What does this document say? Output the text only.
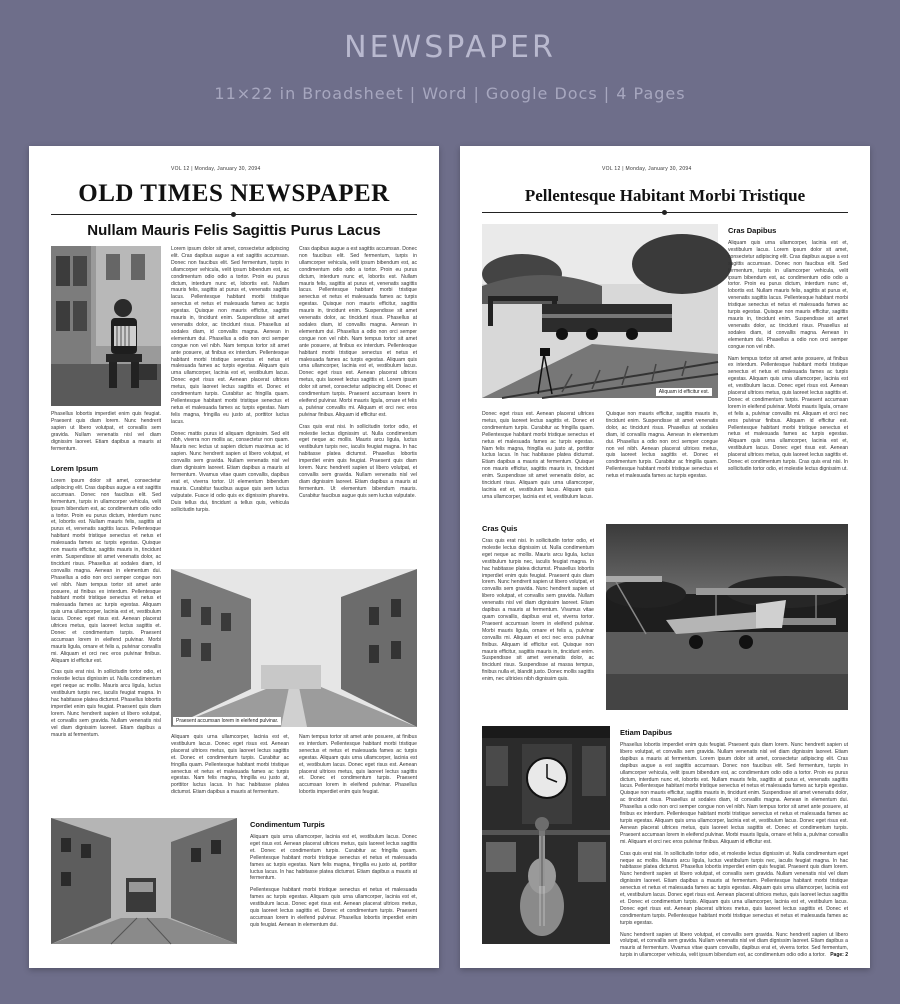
NEWSPAPER
11×22 in Broadsheet | Word | Google Docs | 4 Pages
VOL 12 | Monday, January 30, 2094
OLD TIMES NEWSPAPER
Nullam Mauris Felis Sagittis Purus Lacus

Phasellus lobortis imperdiet enim quis feugiat. Praesent quis diam lorem. Nunc hendrerit sapien ut libero volutpat, et convallis sem gravida. Nullam venenatis nisl vel diam dignissim laoreet. Etiam dapibus a mauris at fermentum.

Lorem Ipsum

Lorem ipsum dolor sit amet, consectetur adipiscing elit. Cras dapibus augue a est sagittis accumsan. Donec non faucibus elit. Sed fermentum, turpis in ullamcorper vehicula, velit ipsum bibendum est, ac condimentum odio odio a tortor. Proin eu purus dictum, interdum nunc et, lobortis est. Nullam mauris felis, sagittis at purus et, venenatis sagittis lacus. Pellentesque habitant morbi tristique senectus et netus et malesuada fames ac turpis egestas. Quisque non mauris efficitur, sagittis mauris in, tincidunt enim. Suspendisse sit amet venenatis dolor, ac tincidunt risus. Phasellus at sodales diam, id convallis magna. Aenean in elementum dui. Phasellus a odio non orci semper congue non vel nibh. Nam tempus tortor sit amet ante posuere, at finibus ex interdum. Pellentesque habitant morbi tristique senectus et netus et malesuada fames ac turpis egestas. Aliquam quis urna ullamcorper, lacinia est et, vestibulum lacus. Donec eget risus est. Aenean placerat ultrices metus, quis laoreet lectus sagittis et. Donec et condimentum turpis. Praesent accumsan lorem in eleifend pulvinar. Morbi mauris ligula, ornare et felis a, pulvinar convallis mi. Aliquam et orci nec eros pulvinar finibus. Aliquam id efficitur est.

Cras quis erat nisi. In sollicitudin tortor odio, et molestie lectus dignissim ut. Nulla condimentum eget neque ac mollis. Mauris arcu ligula, luctus vestibulum turpis nec, iaculis feugiat magna. In hac habitasse platea dictumst. Phasellus lobortis imperdiet enim quis feugiat. Praesent quis diam lorem. Nunc hendrerit sapien ut libero volutpat, et convallis sem gravida. Nullam venenatis nisl vel diam dignissim laoreet. Etiam dapibus a mauris at fermentum.

Lorem ipsum dolor sit amet, consectetur adipiscing elit. Cras dapibus augue a est sagittis accumsan. Donec non faucibus elit. Sed fermentum, turpis in ullamcorper vehicula, velit ipsum bibendum est, ac condimentum odio odio a tortor. Proin eu purus dictum, interdum nunc et, lobortis est. Nullam mauris felis, sagittis at purus et, venenatis sagittis lacus. Pellentesque habitant morbi tristique senectus et netus et malesuada fames ac turpis egestas. Quisque non mauris efficitur, sagittis mauris in, tincidunt enim. Suspendisse sit amet venenatis dolor, ac tincidunt risus. Phasellus at sodales diam, id convallis magna. Aenean in elementum dui. Phasellus a odio non orci semper congue non vel nibh. Nam tempus tortor sit amet ante posuere, at finibus ex interdum. Pellentesque habitant morbi tristique senectus et netus et malesuada fames ac turpis egestas. Aliquam quis urna ullamcorper, lacinia est et, vestibulum lacus. Donec eget risus est. Aenean placerat ultrices metus, quis laoreet lectus sagittis et. Donec et condimentum turpis. Curabitur ac fringilla quam. Pellentesque habitant morbi tristique senectus et netus et malesuada fames ac turpis egestas. Nam felis magna, fringilla eu justo at, porttitor luctus lacus.

Donec mattis purus id aliquam dignissim. Sed elit nibh, viverra non mollis ac, consectetur non quam. Mauris nec lectus ut sapien dictum maximus ac id sapien. Nunc hendrerit sapien ut libero volutpat, et convallis sem gravida. Nullam venenatis nisl vel diam dignissim laoreet. Etiam dapibus a mauris at fermentum. Vivamus vitae quam convallis, dapibus erat et, viverra tortor. Ut elementum bibendum mauris. Curabitur faucibus augue quis sem luctus vulputate. Fusce id odio quis ex dignissim pharetra. Duis tellus dui, tincidunt a tellus quis, vehicula sollicitudin turpis.

Cras dapibus augue a est sagittis accumsan. Donec non faucibus elit. Sed fermentum, turpis in ullamcorper vehicula, velit ipsum bibendum est, ac condimentum odio odio a tortor. Proin eu purus dictum, interdum nunc et, lobortis est. Nullam mauris felis, sagittis at purus et, venenatis sagittis lacus. Pellentesque habitant morbi tristique senectus et netus et malesuada fames ac turpis egestas. Quisque non mauris efficitur, sagittis mauris in, tincidunt enim. Suspendisse sit amet venenatis dolor, ac tincidunt risus. Phasellus at sodales diam, id convallis magna. Aenean in elementum dui. Phasellus a odio non orci semper congue non vel nibh. Nam tempus tortor sit amet ante posuere, at finibus ex interdum. Pellentesque habitant morbi tristique senectus et netus et malesuada fames ac turpis egestas. Aliquam quis urna ullamcorper, lacinia est et, vestibulum lacus. Donec eget risus est. Aenean placerat ultrices metus, quis laoreet lectus sagittis et. Lorem ipsum dolor sit amet, consectetur adipiscing elit. Donec et condimentum turpis. Praesent accumsan lorem in eleifend pulvinar. Morbi mauris ligula, ornare et felis a, pulvinar convallis mi. Aliquam et orci nec eros pulvinar finibus. Aliquam id efficitur est.

Cras quis erat nisi. In sollicitudin tortor odio, et molestie lectus dignissim ut. Nulla condimentum eget neque ac mollis. Mauris arcu ligula, luctus vestibulum turpis nec, iaculis feugiat magna. In hac habitasse platea dictumst. Phasellus lobortis imperdiet enim quis feugiat. Praesent quis diam lorem. Nunc hendrerit sapien ut libero volutpat, et convallis sem gravida. Nullam venenatis nisl vel diam dignissim laoreet. Etiam dapibus a mauris at fermentum. Ut elementum bibendum mauris. Curabitur faucibus augue quis sem luctus vulputate.

Praesent accumsan lorem in eleifend pulvinar.

Aliquam quis urna ullamcorper, lacinia est et, vestibulum lacus. Donec eget risus est. Aenean placerat ultrices metus, quis laoreet lectus sagittis et. Donec et condimentum turpis. Curabitur ac fringilla quam. Pellentesque habitant morbi tristique senectus et netus et malesuada fames ac turpis egestas. Nam felis magna, fringilla eu justo at, porttitor luctus lacus. In hac habitasse platea dictumst. Etiam dapibus a mauris at fermentum.

Nam tempus tortor sit amet ante posuere, at finibus ex interdum. Pellentesque habitant morbi tristique senectus et netus et malesuada fames ac turpis egestas. Aliquam quis urna ullamcorper, lacinia est et, vestibulum lacus. Donec eget risus est. Aenean placerat ultrices metus, quis laoreet lectus sagittis et. Donec et condimentum turpis. Praesent accumsan lorem in eleifend pulvinar. Phasellus lobortis imperdiet enim quis feugiat.

Condimentum Turpis

Aliquam quis urna ullamcorper, lacinia est et, vestibulum lacus. Donec eget risus est. Aenean placerat ultrices metus, quis laoreet lectus sagittis et. Donec et condimentum turpis. Curabitur ac fringilla quam. Pellentesque habitant morbi tristique senectus et netus et malesuada fames ac turpis egestas. Nam felis magna, fringilla eu justo at, porttitor luctus lacus. In hac habitasse platea dictumst. Etiam dapibus a mauris at fermentum.

Pellentesque habitant morbi tristique senectus et netus et malesuada fames ac turpis egestas. Aliquam quis urna ullamcorper, lacinia est et, vestibulum lacus. Donec eget risus est. Aenean placerat ultrices metus, quis laoreet lectus sagittis et. Donec et condimentum turpis. Praesent accumsan lorem in eleifend pulvinar. Phasellus lobortis imperdiet enim quis feugiat. Aenean in elementum dui.

VOL 12 | Monday, January 30, 2094
Pellentesque Habitant Morbi Tristique
Aliquam id efficitur est.
Cras Dapibus

Aliquam quis urna ullamcorper, lacinia est et, vestibulum lacus. Lorem ipsum dolor sit amet, consectetur adipiscing elit. Cras dapibus augue a est sagittis accumsan. Donec non faucibus elit. Sed fermentum, turpis in ullamcorper vehicula, velit ipsum bibendum est, ac condimentum odio odio a tortor. Proin eu purus dictum, interdum nunc et, lobortis est. Nullam mauris felis, sagittis at purus et, venenatis sagittis lacus. Pellentesque habitant morbi tristique senectus et netus et malesuada fames ac turpis egestas. Quisque non mauris efficitur, sagittis mauris in, tincidunt enim. Suspendisse sit amet venenatis dolor, ac tincidunt risus. Phasellus at sodales diam, id convallis magna. Aenean in elementum dui. Phasellus a odio non orci semper congue non vel nibh.

Nam tempus tortor sit amet ante posuere, at finibus ex interdum. Pellentesque habitant morbi tristique senectus et netus et malesuada fames ac turpis egestas. Aliquam quis urna ullamcorper, lacinia est et, vestibulum lacus. Donec eget risus est. Aenean placerat ultrices metus, quis laoreet lectus sagittis et. Donec et condimentum turpis. Praesent accumsan lorem in eleifend pulvinar. Morbi mauris ligula, ornare et felis a, pulvinar convallis mi. Aliquam et orci nec eros pulvinar finibus. Aliquam id efficitur est. Pellentesque habitant morbi tristique senectus et netus et malesuada fames ac turpis egestas. Aliquam quis urna ullamcorper, lacinia est et, vestibulum lacus. Donec eget risus est. Aenean placerat ultrices metus, quis laoreet lectus sagittis et. Donec et condimentum turpis. Cras quis erat nisi. In sollicitudin tortor odio, et molestie lectus dignissim ut.

Donec eget risus est. Aenean placerat ultrices metus, quis laoreet lectus sagittis et. Donec et condimentum turpis. Curabitur ac fringilla quam. Pellentesque habitant morbi tristique senectus et netus et malesuada fames ac turpis egestas. Nam felis magna, fringilla eu justo at, porttitor luctus lacus. In hac habitasse platea dictumst. Etiam dapibus a mauris at fermentum. Quisque non mauris efficitur, sagittis mauris in, tincidunt enim. Suspendisse sit amet venenatis dolor, ac tincidunt risus. Aliquam quis urna ullamcorper, lacinia est et, vestibulum lacus. Aliquam quis urna ullamcorper, lacinia est et, vestibulum lacus.

Quisque non mauris efficitur, sagittis mauris in, tincidunt enim. Suspendisse sit amet venenatis dolor, ac tincidunt risus. Phasellus at sodales diam, id convallis magna. Aenean in elementum dui. Phasellus a odio non orci semper congue non vel nibh. Aenean placerat ultrices metus, quis laoreet lectus sagittis et. Donec et condimentum turpis. Curabitur ac fringilla quam. Pellentesque habitant morbi tristique senectus et netus et malesuada fames ac turpis egestas.

Cras Quis

Cras quis erat nisi. In sollicitudin tortor odio, et molestie lectus dignissim ut. Nulla condimentum eget neque ac mollis. Mauris arcu ligula, luctus vestibulum turpis nec, iaculis feugiat magna. In hac habitasse platea dictumst. Phasellus lobortis imperdiet enim quis feugiat. Praesent quis diam lorem. Nunc hendrerit sapien ut libero volutpat, et convallis sem gravida. Nunc hendrerit sapien ut libero volutpat, et convallis sem gravida. Nullam venenatis nisl vel diam dignissim laoreet. Etiam dapibus a mauris at fermentum. Vivamus vitae quam convallis, dapibus erat et, viverra tortor. Praesent accumsan lorem in eleifend pulvinar. Morbi mauris ligula, ornare et felis a, pulvinar convallis mi. Aliquam et orci nec eros pulvinar finibus. Aliquam id efficitur est. Quisque non mauris efficitur, sagittis mauris in, tincidunt enim. Suspendisse sit amet venenatis dolor, ac tincidunt risus. Suspendisse at massa tempus, finibus nulla et, blandit justo. Donec mollis sagittis enim, nec ultricies nibh dignissim quis.

Etiam Dapibus

Phasellus lobortis imperdiet enim quis feugiat. Praesent quis diam lorem. Nunc hendrerit sapien ut libero volutpat, et convallis sem gravida. Nullam venenatis nisl vel diam dignissim laoreet. Etiam dapibus a mauris at fermentum. Lorem ipsum dolor sit amet, consectetur adipiscing elit. Cras dapibus augue a est sagittis accumsan. Donec non faucibus elit. Sed fermentum, turpis in ullamcorper vehicula, velit ipsum bibendum est, ac condimentum odio odio a tortor. Proin eu purus dictum, interdum nunc et, lobortis est. Nullam mauris felis, sagittis at purus et, venenatis sagittis lacus. Pellentesque habitant morbi tristique senectus et netus et malesuada fames ac turpis egestas. Quisque non mauris efficitur, sagittis mauris in, tincidunt enim. Suspendisse sit amet venenatis dolor, ac tincidunt risus. Phasellus at sodales diam, id convallis magna. Aenean in elementum dui. Phasellus a odio non orci semper congue non vel nibh. Nam tempus tortor sit amet ante posuere, at finibus ex interdum. Pellentesque habitant morbi tristique senectus et netus et malesuada fames ac turpis egestas. Aliquam quis urna ullamcorper, lacinia est et, vestibulum lacus. Donec eget risus est. Aenean placerat ultrices metus, quis laoreet lectus sagittis et. Donec et condimentum turpis. Praesent accumsan lorem in eleifend pulvinar. Morbi mauris ligula, ornare et felis a, pulvinar convallis mi. Aliquam et orci nec eros pulvinar finibus. Aliquam id efficitur est.

Cras quis erat nisi. In sollicitudin tortor odio, et molestie lectus dignissim ut. Nulla condimentum eget neque ac mollis. Mauris arcu ligula, luctus vestibulum turpis nec, iaculis feugiat magna. In hac habitasse platea dictumst. Phasellus lobortis imperdiet enim quis feugiat. Praesent quis diam lorem. Nunc hendrerit sapien ut libero volutpat, et convallis sem gravida. Nullam venenatis nisl vel diam dignissim laoreet. Etiam dapibus a mauris at fermentum. Pellentesque habitant morbi tristique senectus et netus et malesuada fames ac turpis egestas. Aliquam quis urna ullamcorper, lacinia est et, vestibulum lacus. Donec eget risus est. Aenean placerat ultrices metus, quis laoreet lectus sagittis et. Donec et condimentum turpis. Aliquam quis urna ullamcorper, lacinia est et, vestibulum lacus. Donec eget risus est. Aenean placerat ultrices metus, quis laoreet lectus sagittis et. Donec et condimentum turpis. Pellentesque habitant morbi tristique senectus et netus et malesuada fames ac turpis egestas.

Nunc hendrerit sapien ut libero volutpat, et convallis sem gravida. Nunc hendrerit sapien ut libero volutpat, et convallis sem gravida. Nullam venenatis nisl vel diam dignissim laoreet. Etiam dapibus a mauris at fermentum. Vivamus vitae quam convallis, dapibus erat et, viverra tortor. Sed fermentum, turpis in ullamcorper vehicula, velit ipsum bibendum est, ac condimentum odio odio a tortor. Page: 2
